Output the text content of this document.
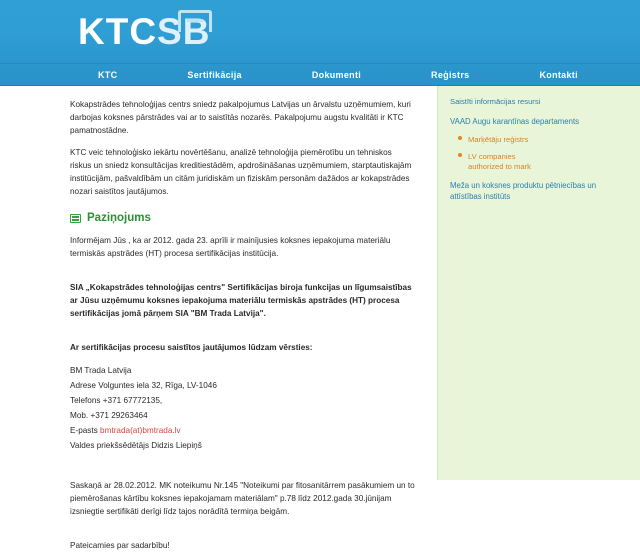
KTCSB
KTC	Sertifikācija	Dokumenti	Reģistrs	Kontakti

Kokapstrādes tehnoloģijas centrs sniedz pakalpojumus Latvijas un ārvalstu uzņēmumiem, kuri darbojas koksnes pārstrādes vai ar to saistītās nozarēs. Pakalpojumu augstu kvalitāti ir KTC pamatnostādne.

KTC veic tehnoloģisko iekārtu novērtēšanu, analizē tehnoloģija piemērotību un tehniskos riskus un sniedz konsultācijas kreditiestādēm, apdrošināšanas uzņēmumiem, starptautiskajām institūcijām, pašvaldībām un citām juridiskām un fiziskām personām dažādos ar kokapstrādes nozari saistītos jautājumos.

Paziņojums

Informējam Jūs , ka ar 2012. gada 23. aprīli ir mainījusies koksnes iepakojuma materiālu termiskās apstrādes (HT) procesa sertifikācijas institūcija.

SIA „Kokapstrādes tehnoloģijas centrs" Sertifikācijas biroja funkcijas un līgumsaistības ar Jūsu uzņēmumu koksnes iepakojuma materiālu termiskās apstrādes (HT) procesa sertifikācijas jomā pārņem SIA "BM Trada Latvija".

Ar sertifikācijas procesu saistītos jautājumos lūdzam vērsties:

BM Trada Latvija

Adrese Volguntes iela 32, Rīga, LV-1046

Telefons +371 67772135,

Mob. +371 29263464

E-pasts bmtrada(at)bmtrada.lv

Valdes priekšsēdētājs Didzis Liepiņš

Saskaņā ar 28.02.2012. MK noteikumu Nr.145 "Noteikumi par fitosanitārrem pasākumiem un to piemērošanas kārtību koksnes iepakojamam materiālam" p.78 līdz 2012.gada 30.jūnijam izsniegtie sertifikāti derīgi līdz tajos norādītā termiņa beigām.

Pateicamies par sadarbību!

Saistīti informācijas resursi

VAAD Augu karantīnas departaments
Marķētāju reģistrs
LV companies
authorized to mark
Meža un koksnes produktu pētniecības un attīstības institūts
